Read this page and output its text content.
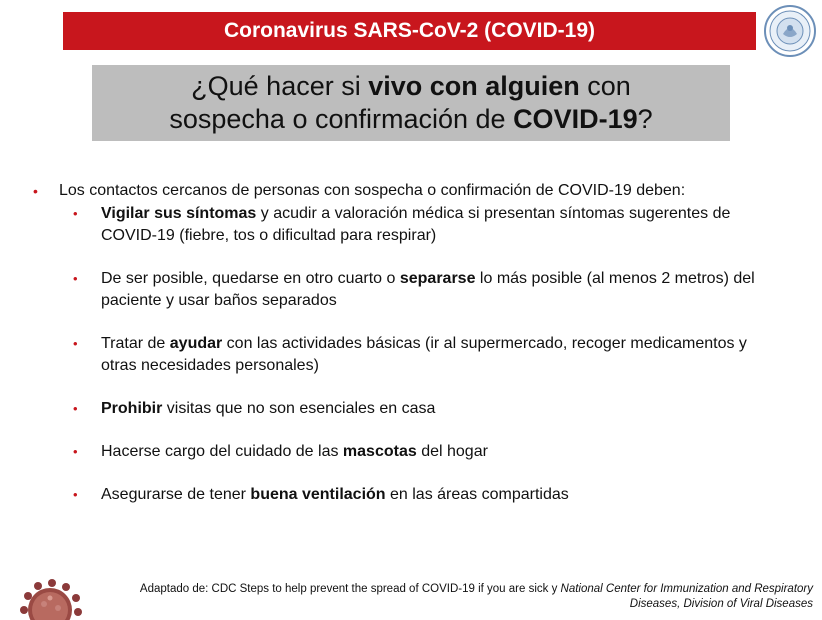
Coronavirus SARS-CoV-2 (COVID-19)
¿Qué hacer si vivo con alguien con
sospecha o confirmación de COVID-19?
• Los contactos cercanos de personas con sospecha o confirmación de COVID-19 deben:
• Vigilar sus síntomas y acudir a valoración médica si presentan síntomas sugerentes de COVID-19 (fiebre, tos o dificultad para respirar)
• De ser posible, quedarse en otro cuarto o separarse lo más posible (al menos 2 metros) del paciente y usar baños separados
• Tratar de ayudar con las actividades básicas (ir al supermercado, recoger medicamentos y otras necesidades personales)
• Prohibir visitas que no son esenciales en casa
• Hacerse cargo del cuidado de las mascotas del hogar
• Asegurarse de tener buena ventilación en las áreas compartidas
Adaptado de: CDC Steps to help prevent the spread of COVID-19 if you are sick y National Center for Immunization and Respiratory Diseases, Division of Viral Diseases
